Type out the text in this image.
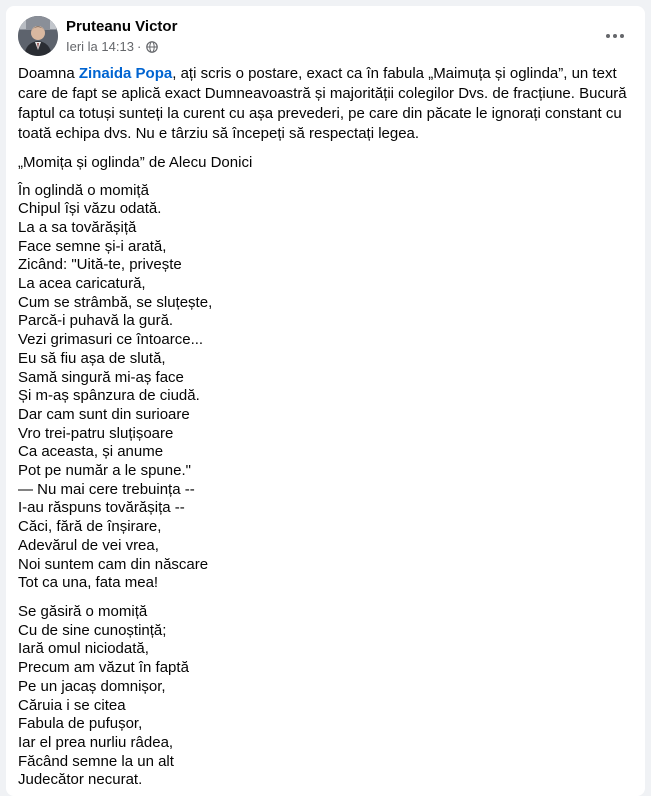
Pruteanu Victor
Ieri la 14:13 ·

Doamna Zinaida Popa, ați scris o postare, exact ca în fabula „Maimuța și oglinda”, un text care de fapt se aplică exact Dumneavoastră și majorității colegilor Dvs. de fracțiune. Bucură faptul ca totuși sunteți la curent cu așa prevederi, pe care din păcate le ignorați constant cu toată echipa dvs. Nu e târziu să începeți să respectați legea.

„Momița și oglinda” de Alecu Donici

În oglindă o momiță
Chipul își văzu odată.
La a sa tovărășiță
Face semne și-i arată,
Zicând: "Uită-te, privește
La acea caricatură,
Cum se strâmbă, se sluțește,
Parcă-i puhavă la gură.
Vezi grimasuri ce întoarce...
Eu să fiu așa de slută,
Samă singură mi-aș face
Și m-aș spânzura de ciudă.
Dar cam sunt din surioare
Vro trei-patru sluțișoare
Ca aceasta, și anume
Pot pe număr a le spune."
— Nu mai cere trebuința --
I-au răspuns tovărășița --
Căci, fără de înșirare,
Adevărul de vei vrea,
Noi suntem cam din născare
Tot ca una, fata mea!
Se găsiră o momiță
Cu de sine cunoștință;
Iară omul niciodată,
Precum am văzut în faptă
Pe un jacaș domnișor,
Căruia i se citea
Fabula de pufușor,
Iar el prea nurliu râdea,
Făcând semne la un alt
Judecător necurat.
